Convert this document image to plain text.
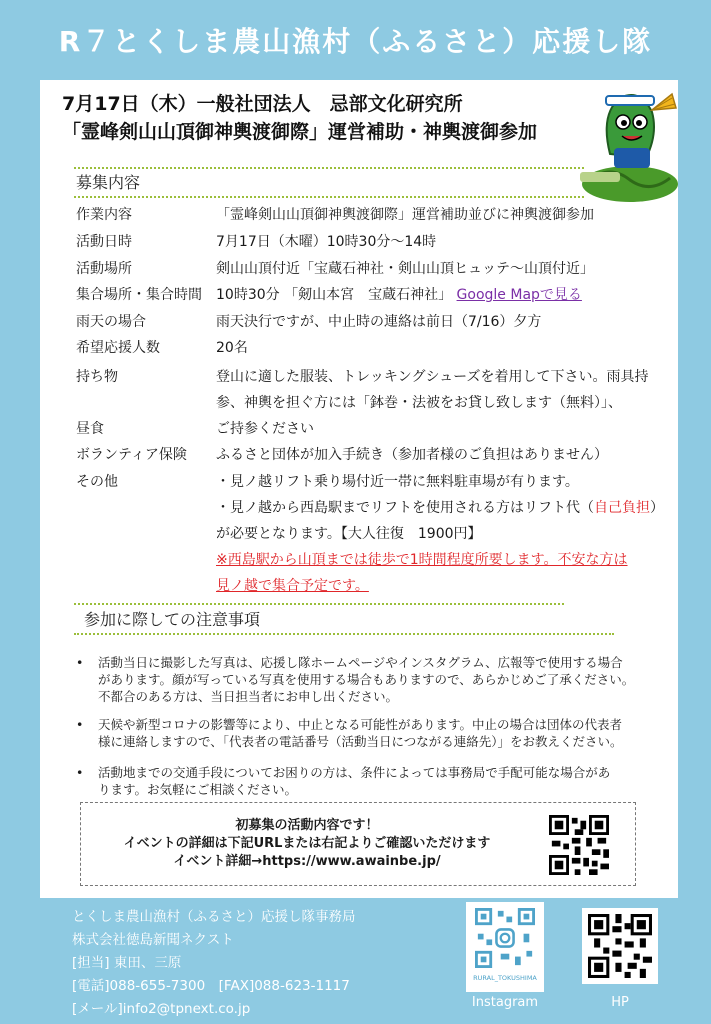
R７とくしま農山漁村（ふるさと）応援し隊
7月17日（木）一般社団法人　忌部文化研究所
「霊峰剣山山頂御神輿渡御際」運営補助・神輿渡御参加
募集内容
作業内容	「霊峰剣山山頂御神輿渡御際」運営補助並びに神輿渡御参加
活動日時	7月17日（木曜）10時30分～14時
活動場所	剣山山頂付近「宝蔵石神社・剣山山頂ヒュッテ～山頂付近」
集合場所・集合時間	10時30分 「剱山本宮　宝蔵石神社」 Google Mapで見る
雨天の場合	雨天決行ですが、中止時の連絡は前日（7/16）夕方
希望応援人数	20名
持ち物	登山に適した服装、トレッキングシューズを着用して下さい。雨具持
参、神輿を担ぐ方には「鉢巻・法被をお貸し致します（無料）」、
昼食	ご持参ください
ボランティア保険	ふるさと団体が加入手続き（参加者様のご負担はありません）
その他	・見ノ越リフト乗り場付近一帯に無料駐車場が有ります。
・見ノ越から西島駅までリフトを使用される方はリフト代（自己負担）
が必要となります。【大人往復　1900円】
※西島駅から山頂までは徒歩で1時間程度所要します。不安な方は
見ノ越で集合予定です。
参加に際しての注意事項
• 活動当日に撮影した写真は、応援し隊ホームページやインスタグラム、広報等で使用する場合
があります。顔が写っている写真を使用する場合もありますので、あらかじめご了承ください。
不都合のある方は、当日担当者にお申し出ください。
• 天候や新型コロナの影響等により、中止となる可能性があります。中止の場合は団体の代表者
様に連絡しますので、「代表者の電話番号（活動当日につながる連絡先）」をお教えください。
• 活動地までの交通手段についてお困りの方は、条件によっては事務局で手配可能な場合があ
ります。お気軽にご相談ください。
初募集の活動内容です！
イベントの詳細は下記URLまたは右記よりご確認いただけます
イベント詳細→https://www.awainbe.jp/
とくしま農山漁村（ふるさと）応援し隊事務局
株式会社徳島新聞ネクスト
[担当] 東田、三原
[電話]088-655-7300　[FAX]088-623-1117
[メール]info2@tpnext.co.jp
RURAL_TOKUSHIMA
Instagram	HP
